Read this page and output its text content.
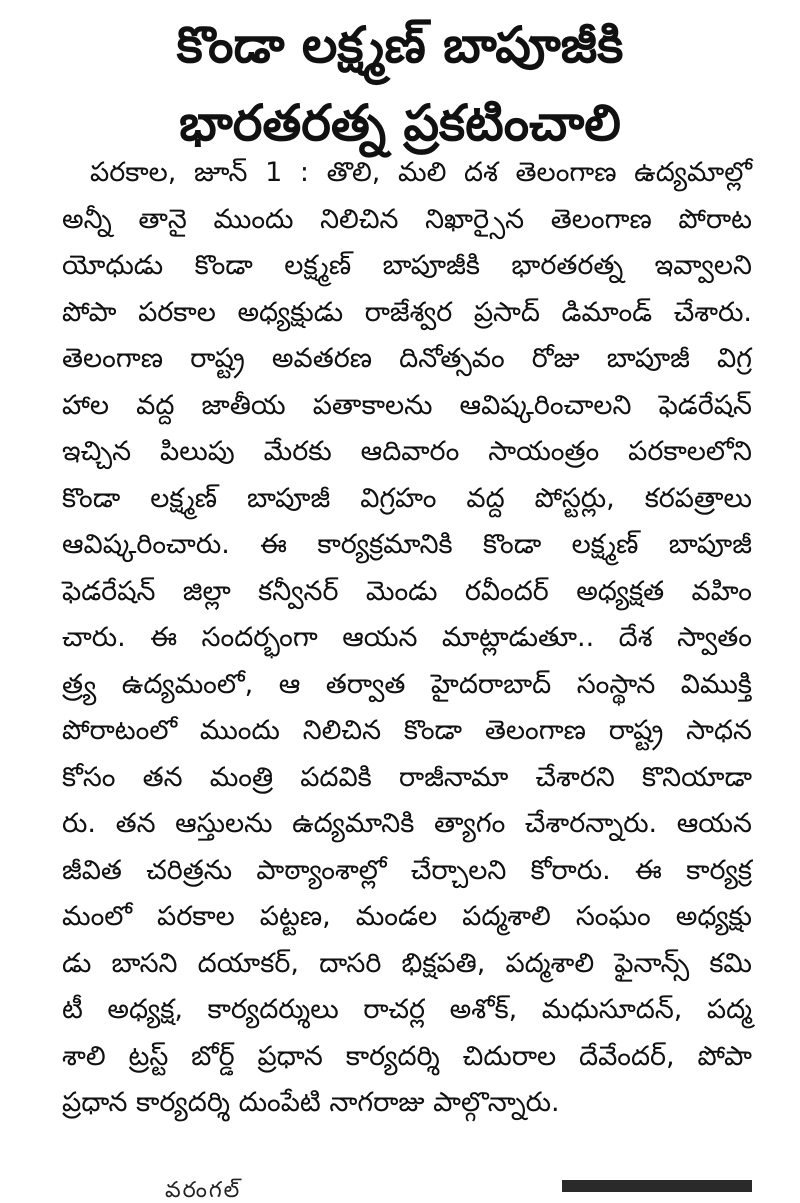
కొండా లక్ష్మణ్ బాపూజీకి
భారతరత్న ప్రకటించాలి
పరకాల, జూన్ 1 : తొలి, మలి దశ తెలంగాణ ఉద్యమాల్లో
అన్నీ తానై ముందు నిలిచిన నిఖార్సైన తెలంగాణ పోరాట
యోధుడు కొండా లక్ష్మణ్ బాపూజీకి భారతరత్న ఇవ్వాలని
పోపా పరకాల అధ్యక్షుడు రాజేశ్వర ప్రసాద్ డిమాండ్ చేశారు.
తెలంగాణ రాష్ట్ర అవతరణ దినోత్సవం రోజు బాపూజీ విగ్ర
హాల వద్ద జాతీయ పతాకాలను ఆవిష్కరించాలని ఫెడరేషన్
ఇచ్చిన పిలుపు మేరకు ఆదివారం సాయంత్రం పరకాలలోని
కొండా లక్ష్మణ్ బాపూజీ విగ్రహం వద్ద పోస్టర్లు, కరపత్రాలు
ఆవిష్కరించారు. ఈ కార్యక్రమానికి కొండా లక్ష్మణ్ బాపూజీ
ఫెడరేషన్ జిల్లా కన్వీనర్ మెండు రవీందర్ అధ్యక్షత వహిం
చారు. ఈ సందర్భంగా ఆయన మాట్లాడుతూ.. దేశ స్వాతం
త్ర్య ఉద్యమంలో, ఆ తర్వాత హైదరాబాద్ సంస్థాన విముక్తి
పోరాటంలో ముందు నిలిచిన కొండా తెలంగాణ రాష్ట్ర సాధన
కోసం తన మంత్రి పదవికి రాజీనామా చేశారని కొనియాడా
రు. తన ఆస్తులను ఉద్యమానికి త్యాగం చేశారన్నారు. ఆయన
జీవిత చరిత్రను పాఠ్యాంశాల్లో చేర్చాలని కోరారు. ఈ కార్యక్ర
మంలో పరకాల పట్టణ, మండల పద్మశాలి సంఘం అధ్యక్షు
డు బాసని దయాకర్, దాసరి భిక్షపతి, పద్మశాలి ఫైనాన్స్ కమి
టీ అధ్యక్ష, కార్యదర్శులు రాచర్ల అశోక్, మధుసూదన్, పద్మ
శాలి ట్రస్ట్ బోర్డ్ ప్రధాన కార్యదర్శి చిదురాల దేవేందర్, పోపా
ప్రధాన కార్యదర్శి దుంపేటి నాగరాజు పాల్గొన్నారు.
వరంగల్
